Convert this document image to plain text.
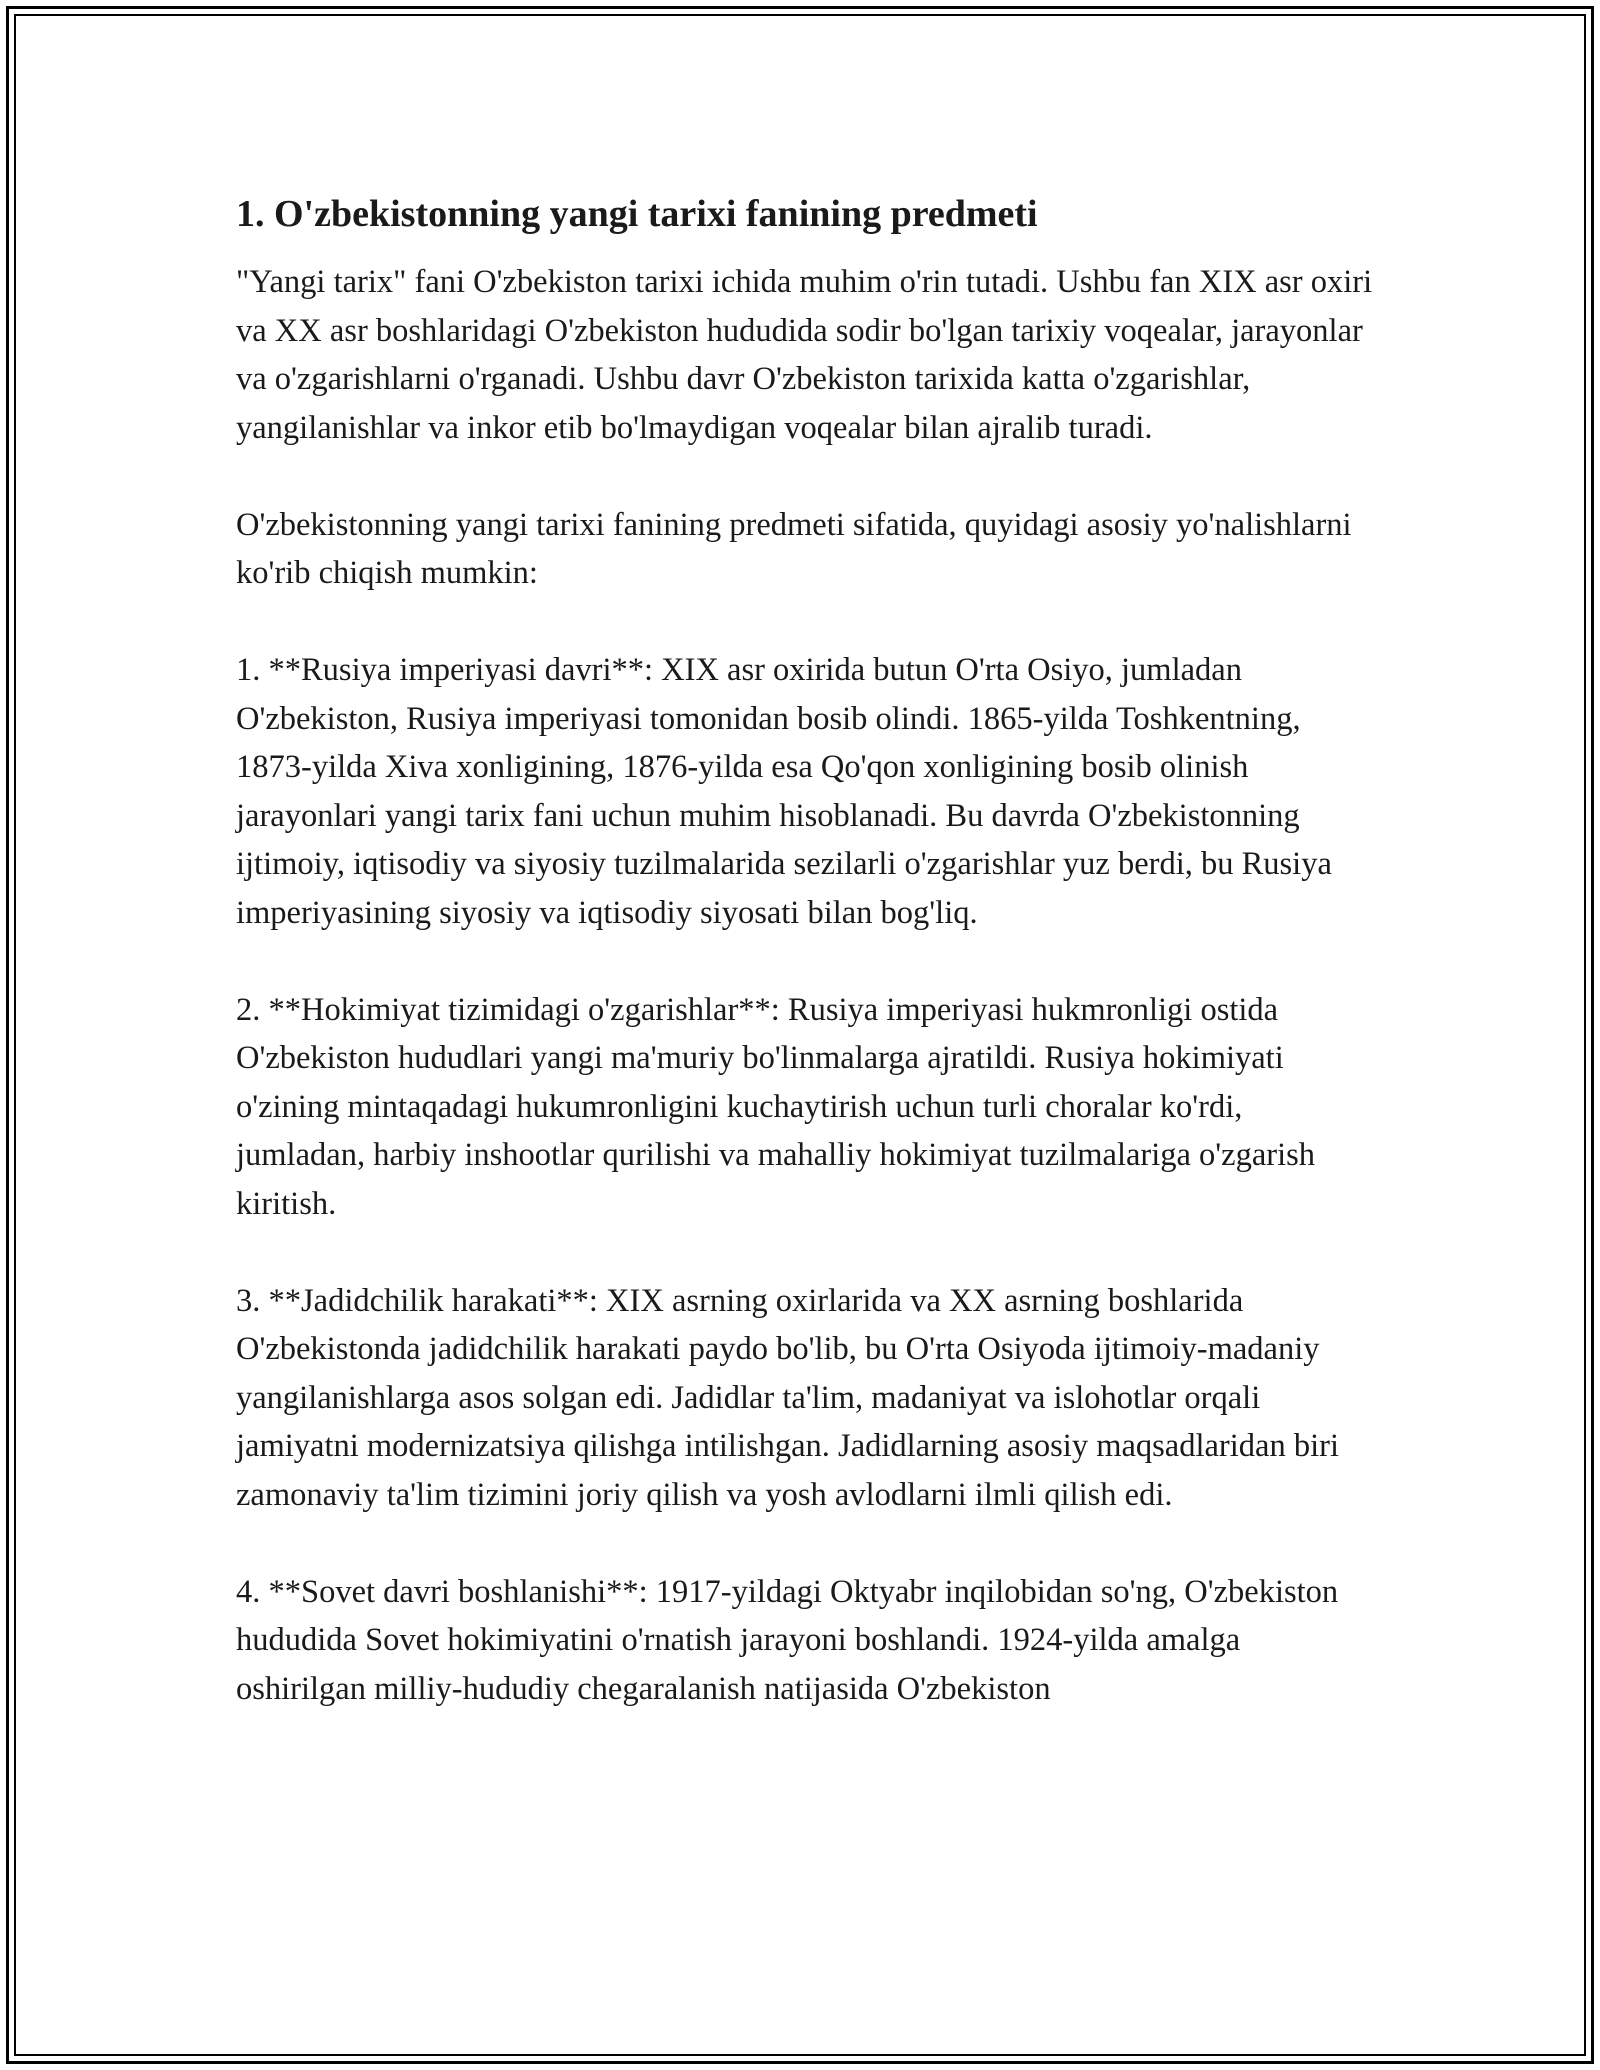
1. O'zbekistonning yangi tarixi fanining predmeti

"Yangi tarix" fani O'zbekiston tarixi ichida muhim o'rin tutadi. Ushbu fan XIX asr oxiri va XX asr boshlaridagi O'zbekiston hududida sodir bo'lgan tarixiy voqealar, jarayonlar va o'zgarishlarni o'rganadi. Ushbu davr O'zbekiston tarixida katta o'zgarishlar, yangilanishlar va inkor etib bo'lmaydigan voqealar bilan ajralib turadi.

O'zbekistonning yangi tarixi fanining predmeti sifatida, quyidagi asosiy yo'nalishlarni ko'rib chiqish mumkin:

1. **Rusiya imperiyasi davri**: XIX asr oxirida butun O'rta Osiyo, jumladan O'zbekiston, Rusiya imperiyasi tomonidan bosib olindi. 1865-yilda Toshkentning, 1873-yilda Xiva xonligining, 1876-yilda esa Qo'qon xonligining bosib olinish jarayonlari yangi tarix fani uchun muhim hisoblanadi. Bu davrda O'zbekistonning ijtimoiy, iqtisodiy va siyosiy tuzilmalarida sezilarli o'zgarishlar yuz berdi, bu Rusiya imperiyasining siyosiy va iqtisodiy siyosati bilan bog'liq.

2. **Hokimiyat tizimidagi o'zgarishlar**: Rusiya imperiyasi hukmronligi ostida O'zbekiston hududlari yangi ma'muriy bo'linmalarga ajratildi. Rusiya hokimiyati o'zining mintaqadagi hukumronligini kuchaytirish uchun turli choralar ko'rdi, jumladan, harbiy inshootlar qurilishi va mahalliy hokimiyat tuzilmalariga o'zgarish kiritish.

3. **Jadidchilik harakati**: XIX asrning oxirlarida va XX asrning boshlarida O'zbekistonda jadidchilik harakati paydo bo'lib, bu O'rta Osiyoda ijtimoiy-madaniy yangilanishlarga asos solgan edi. Jadidlar ta'lim, madaniyat va islohotlar orqali jamiyatni modernizatsiya qilishga intilishgan. Jadidlarning asosiy maqsadlaridan biri zamonaviy ta'lim tizimini joriy qilish va yosh avlodlarni ilmli qilish edi.

4. **Sovet davri boshlanishi**: 1917-yildagi Oktyabr inqilobidan so'ng, O'zbekiston hududida Sovet hokimiyatini o'rnatish jarayoni boshlandi. 1924-yilda amalga oshirilgan milliy-hududiy chegaralanish natijasida O'zbekiston
